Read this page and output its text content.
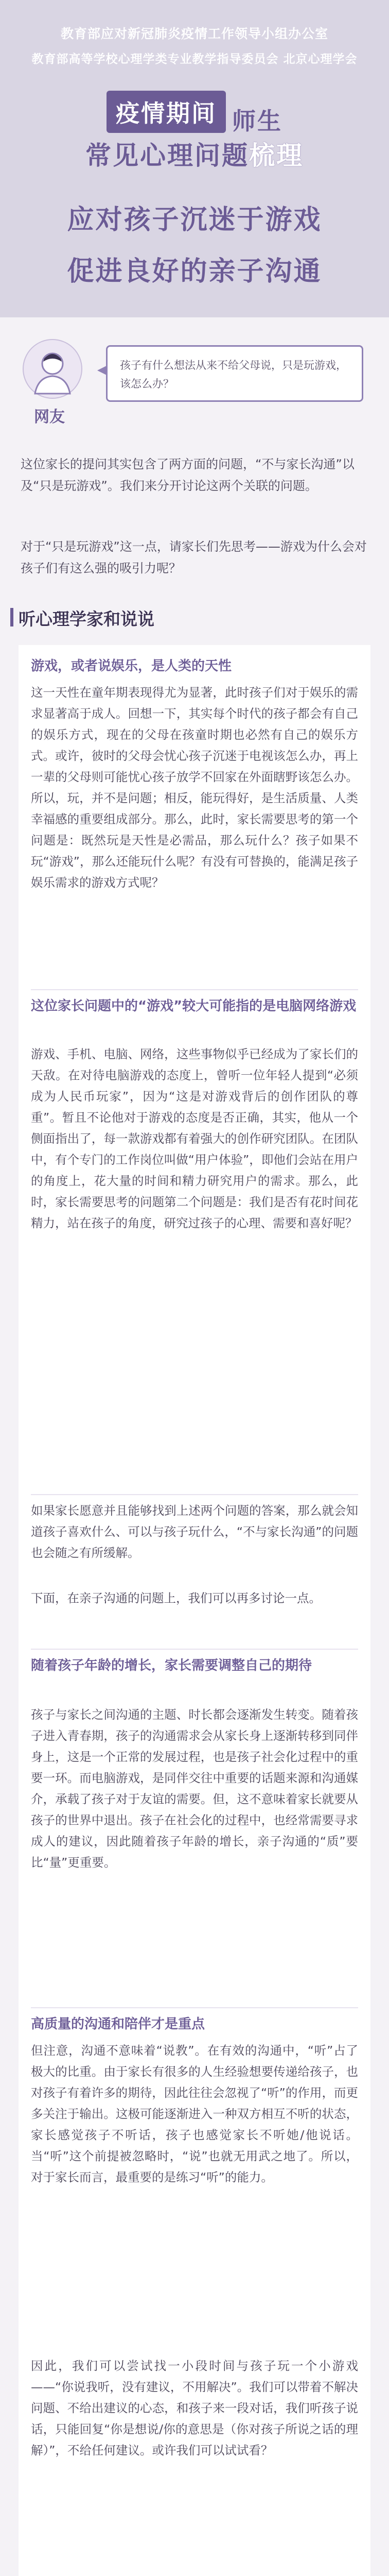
教育部应对新冠肺炎疫情工作领导小组办公室
教育部高等学校心理学类专业教学指导委员会 北京心理学会
疫情期间 师生
常见心理问题梳理
应对孩子沉迷于游戏
促进良好的亲子沟通
网友
孩子有什么想法从来不给父母说，只是玩游戏，该怎么办？
这位家长的提问其实包含了两方面的问题，“不与家长沟通”以及“只是玩游戏”。我们来分开讨论这两个关联的问题。
对于“只是玩游戏”这一点，请家长们先思考——游戏为什么会对孩子们有这么强的吸引力呢？
听心理学家和说说
游戏，或者说娱乐，是人类的天性
这一天性在童年期表现得尤为显著，此时孩子们对于娱乐的需求显著高于成人。回想一下，其实每个时代的孩子都会有自己的娱乐方式，现在的父母在孩童时期也必然有自己的娱乐方式。或许，彼时的父母会忧心孩子沉迷于电视该怎么办，再上一辈的父母则可能忧心孩子放学不回家在外面瞎野该怎么办。所以，玩，并不是问题；相反，能玩得好，是生活质量、人类幸福感的重要组成部分。那么，此时，家长需要思考的第一个问题是：既然玩是天性是必需品，那么玩什么？孩子如果不玩“游戏”，那么还能玩什么呢？有没有可替换的，能满足孩子娱乐需求的游戏方式呢？
这位家长问题中的“游戏”较大可能指的是电脑网络游戏
游戏、手机、电脑、网络，这些事物似乎已经成为了家长们的天敌。在对待电脑游戏的态度上，曾听一位年轻人提到“必须成为人民币玩家”，因为“这是对游戏背后的创作团队的尊重”。暂且不论他对于游戏的态度是否正确，其实，他从一个侧面指出了，每一款游戏都有着强大的创作研究团队。在团队中，有个专门的工作岗位叫做“用户体验”，即他们会站在用户的角度上，花大量的时间和精力研究用户的需求。那么，此时，家长需要思考的问题第二个问题是：我们是否有花时间花精力，站在孩子的角度，研究过孩子的心理、需要和喜好呢？
如果家长愿意并且能够找到上述两个问题的答案，那么就会知道孩子喜欢什么、可以与孩子玩什么，“不与家长沟通”的问题也会随之有所缓解。
下面，在亲子沟通的问题上，我们可以再多讨论一点。
随着孩子年龄的增长，家长需要调整自己的期待
孩子与家长之间沟通的主题、时长都会逐渐发生转变。随着孩子进入青春期，孩子的沟通需求会从家长身上逐渐转移到同伴身上，这是一个正常的发展过程，也是孩子社会化过程中的重要一环。而电脑游戏，是同伴交往中重要的话题来源和沟通媒介，承载了孩子对于友谊的需要。但，这不意味着家长就要从孩子的世界中退出。孩子在社会化的过程中，也经常需要寻求成人的建议，因此随着孩子年龄的增长，亲子沟通的“质”要比“量”更重要。
高质量的沟通和陪伴才是重点
但注意，沟通不意味着“说教”。在有效的沟通中，“听”占了极大的比重。由于家长有很多的人生经验想要传递给孩子，也对孩子有着许多的期待，因此往往会忽视了“听”的作用，而更多关注于输出。这极可能逐渐进入一种双方相互不听的状态，家长感觉孩子不听话，孩子也感觉家长不听她/他说话。当“听”这个前提被忽略时，“说”也就无用武之地了。所以，对于家长而言，最重要的是练习“听”的能力。
因此，我们可以尝试找一小段时间与孩子玩一个小游戏——“你说我听，没有建议，不用解决”。我们可以带着不解决问题、不给出建议的心态，和孩子来一段对话，我们听孩子说话，只能回复“你是想说/你的意思是（你对孩子所说之话的理解）”，不给任何建议。或许我们可以试试看？
